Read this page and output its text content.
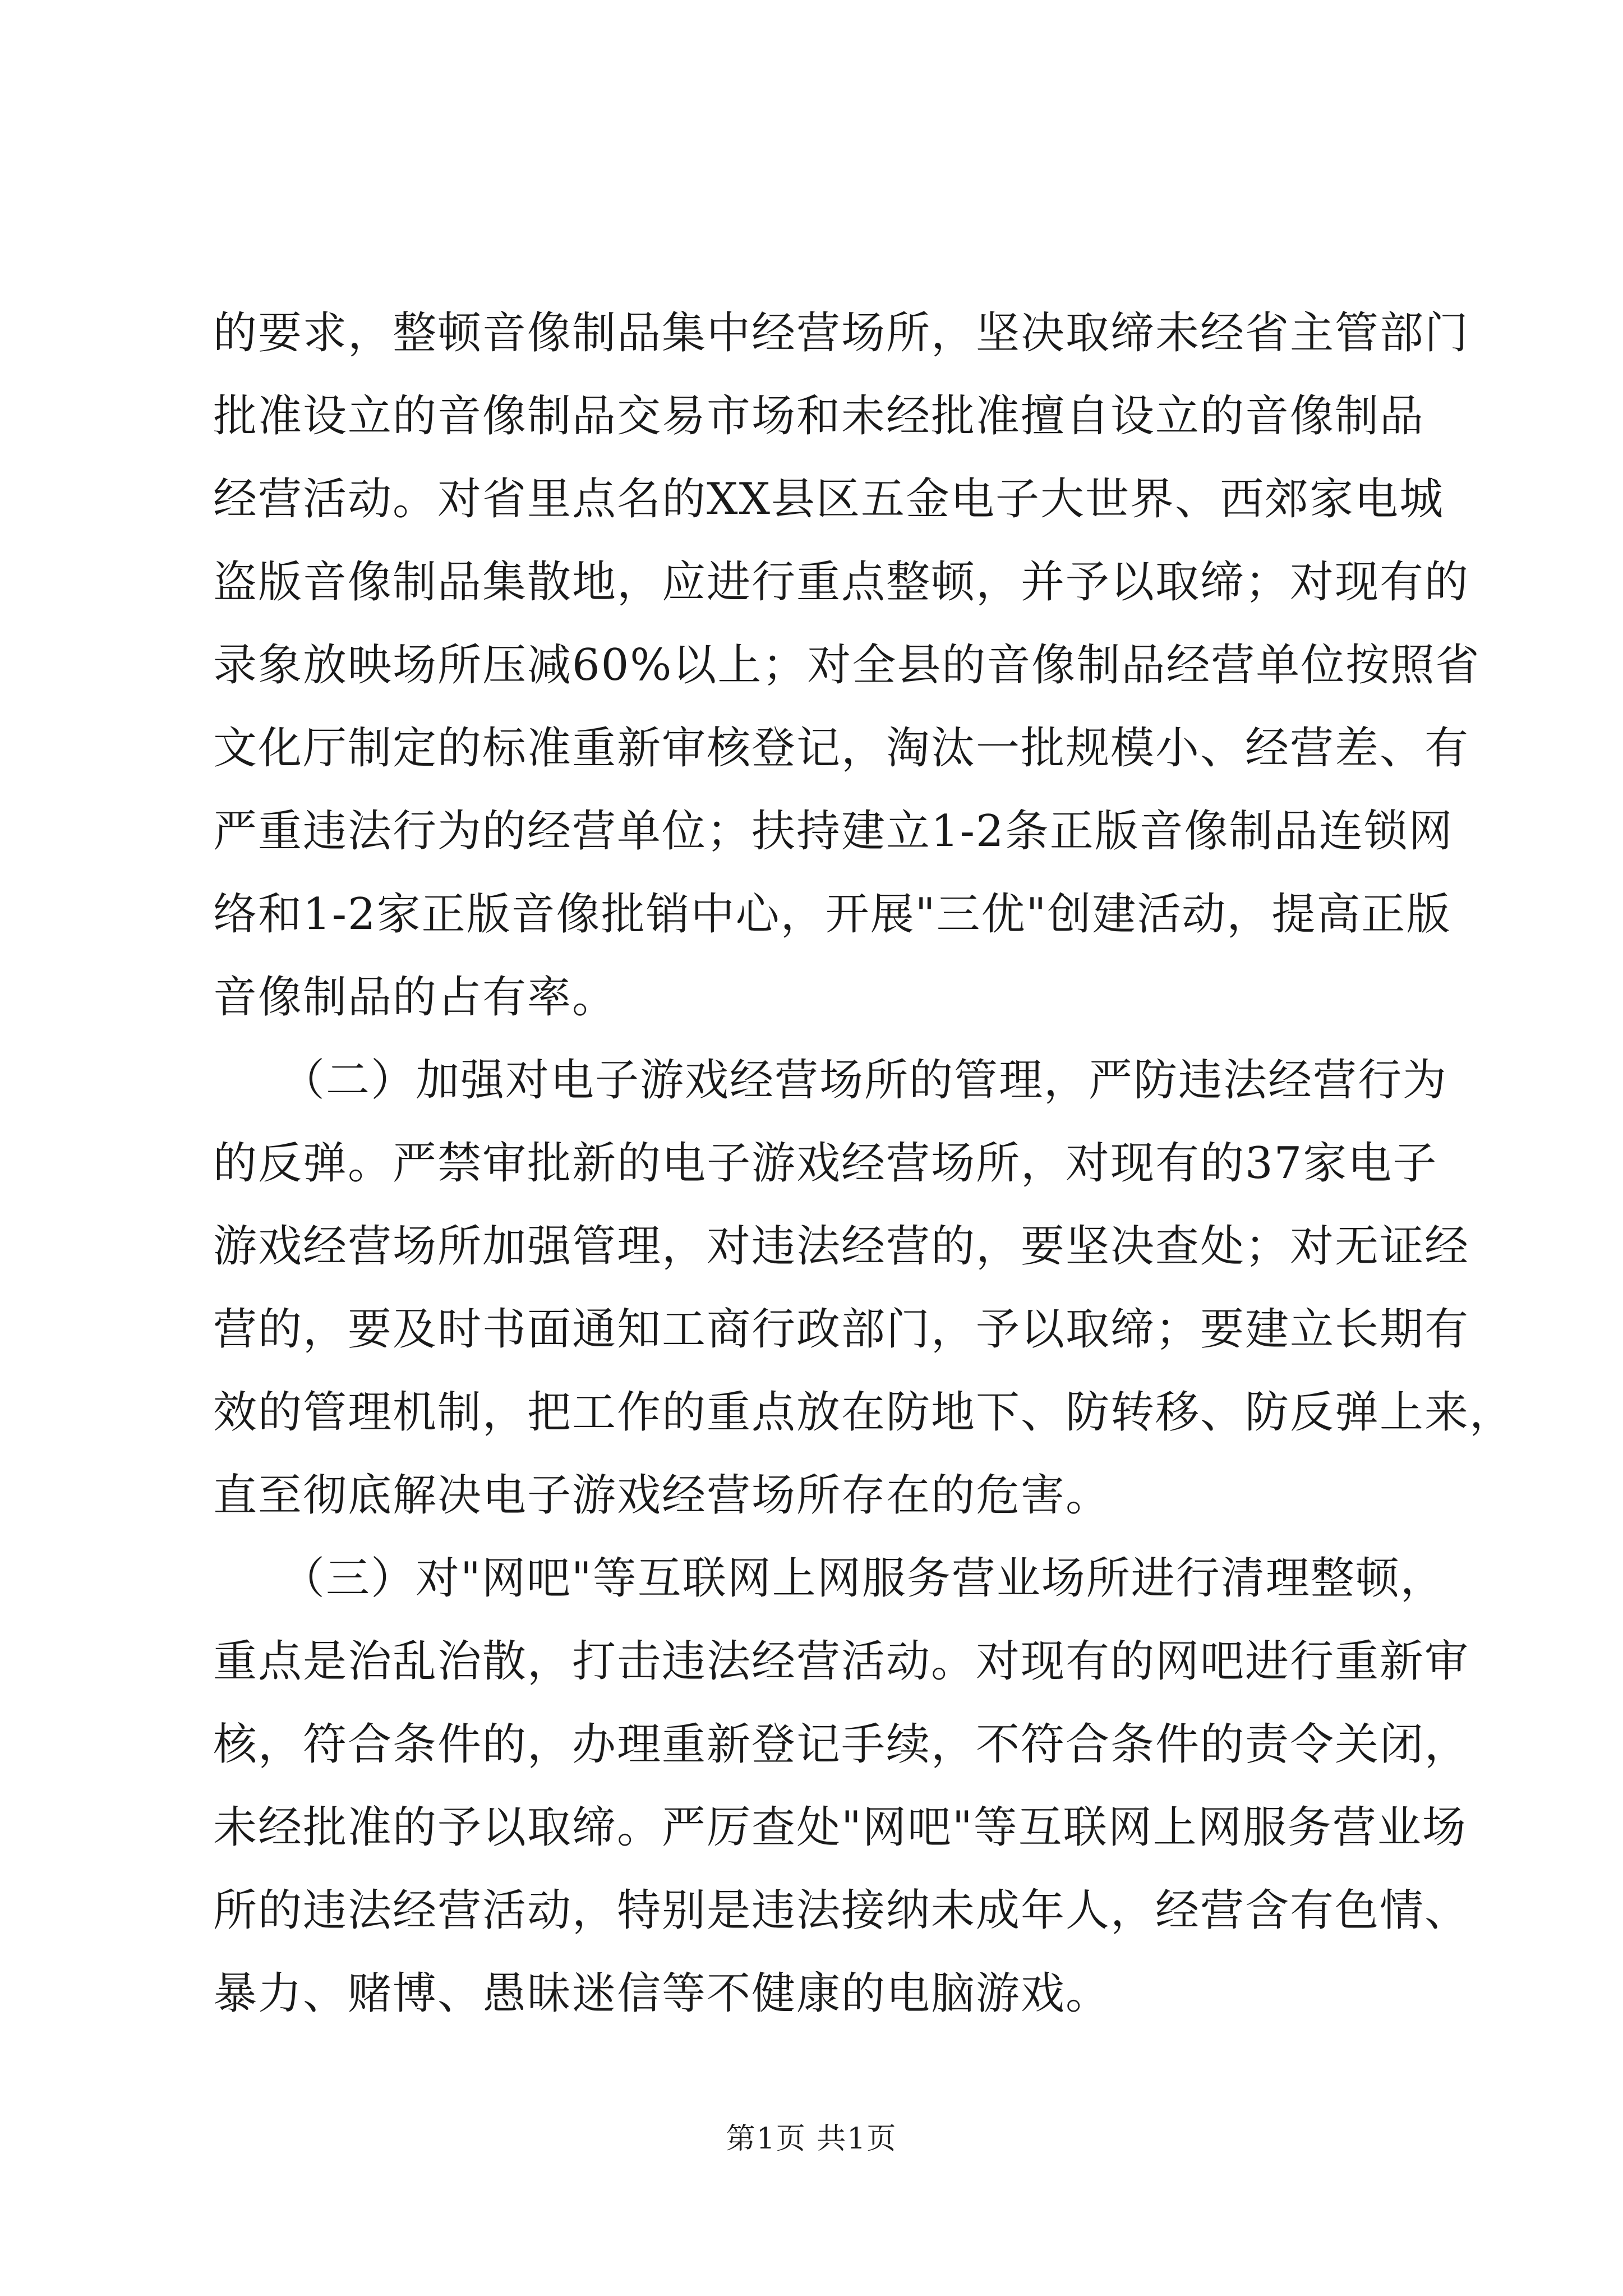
的要求，整顿音像制品集中经营场所，坚决取缔未经省主管部门
批准设立的音像制品交易市场和未经批准擅自设立的音像制品
经营活动。对省里点名的XX县区五金电子大世界、西郊家电城
盗版音像制品集散地，应进行重点整顿，并予以取缔；对现有的
录象放映场所压减60%以上；对全县的音像制品经营单位按照省
文化厅制定的标准重新审核登记，淘汰一批规模小、经营差、有
严重违法行为的经营单位；扶持建立1-2条正版音像制品连锁网
络和1-2家正版音像批销中心，开展"三优"创建活动，提高正版
音像制品的占有率。
　　（二）加强对电子游戏经营场所的管理，严防违法经营行为
的反弹。严禁审批新的电子游戏经营场所，对现有的37家电子
游戏经营场所加强管理，对违法经营的，要坚决查处；对无证经
营的，要及时书面通知工商行政部门，予以取缔；要建立长期有
效的管理机制，把工作的重点放在防地下、防转移、防反弹上来，
直至彻底解决电子游戏经营场所存在的危害。
　　（三）对"网吧"等互联网上网服务营业场所进行清理整顿，
重点是治乱治散，打击违法经营活动。对现有的网吧进行重新审
核，符合条件的，办理重新登记手续，不符合条件的责令关闭，
未经批准的予以取缔。严厉查处"网吧"等互联网上网服务营业场
所的违法经营活动，特别是违法接纳未成年人，经营含有色情、
暴力、赌博、愚昧迷信等不健康的电脑游戏。
第1页 共1页
